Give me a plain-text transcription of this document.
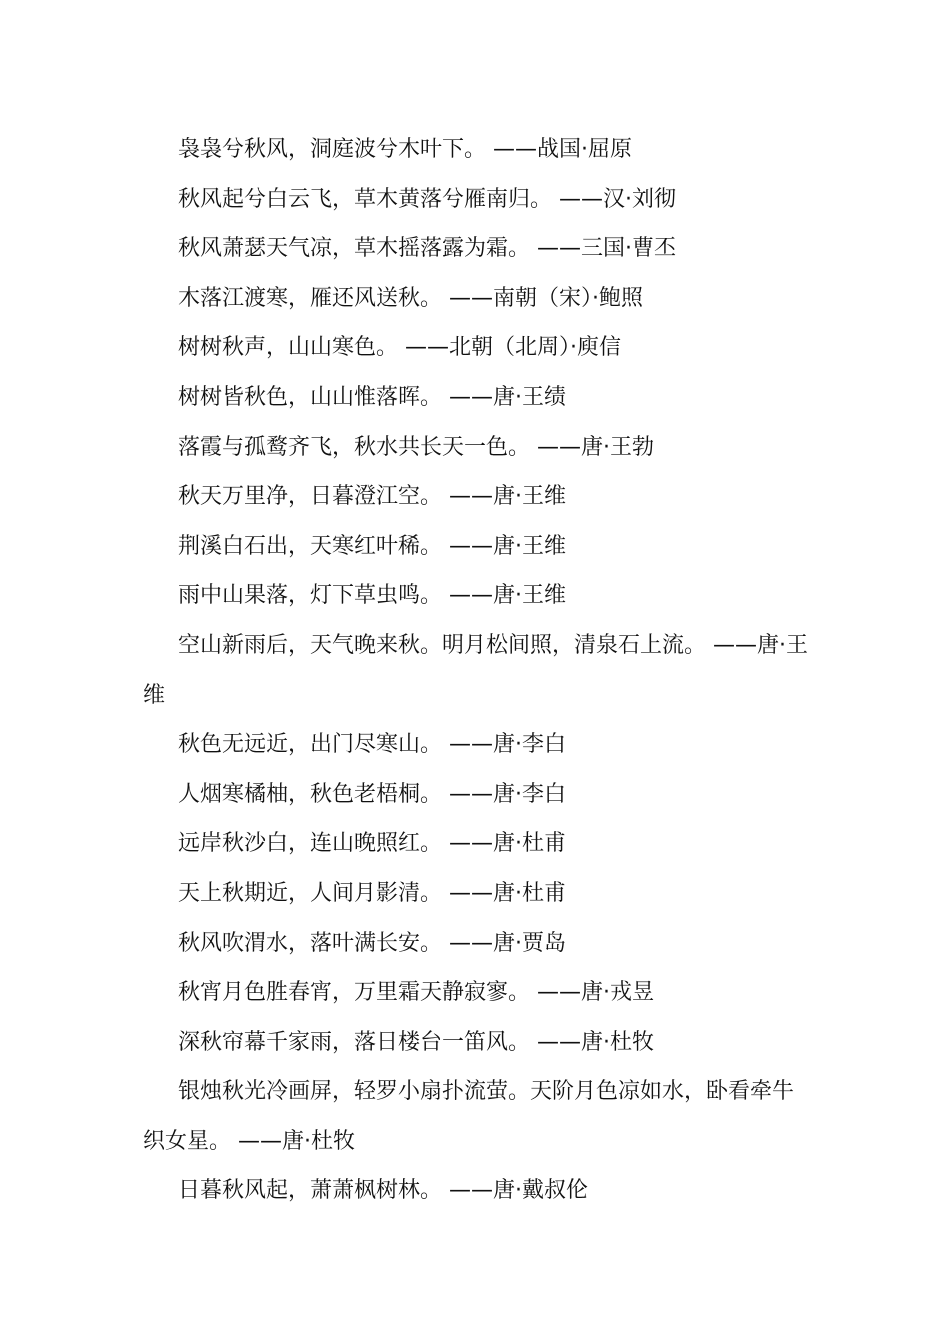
袅袅兮秋风，洞庭波兮木叶下。 ——战国·屈原

秋风起兮白云飞，草木黄落兮雁南归。 ——汉·刘彻

秋风萧瑟天气凉，草木摇落露为霜。 ——三国·曹丕

木落江渡寒，雁还风送秋。 ——南朝（宋）·鲍照

树树秋声，山山寒色。 ——北朝（北周）·庾信

树树皆秋色，山山惟落晖。 ——唐·王绩

落霞与孤鹜齐飞，秋水共长天一色。 ——唐·王勃

秋天万里净，日暮澄江空。 ——唐·王维

荆溪白石出，天寒红叶稀。 ——唐·王维

雨中山果落，灯下草虫鸣。 ——唐·王维

空山新雨后，天气晚来秋。明月松间照，清泉石上流。 ——唐·王维

秋色无远近，出门尽寒山。 ——唐·李白

人烟寒橘柚，秋色老梧桐。 ——唐·李白

远岸秋沙白，连山晚照红。 ——唐·杜甫

天上秋期近，人间月影清。 ——唐·杜甫

秋风吹渭水，落叶满长安。 ——唐·贾岛

秋宵月色胜春宵，万里霜天静寂寥。 ——唐·戎昱

深秋帘幕千家雨，落日楼台一笛风。 ——唐·杜牧

银烛秋光冷画屏，轻罗小扇扑流萤。天阶月色凉如水，卧看牵牛织女星。 ——唐·杜牧

日暮秋风起，萧萧枫树林。 ——唐·戴叔伦
